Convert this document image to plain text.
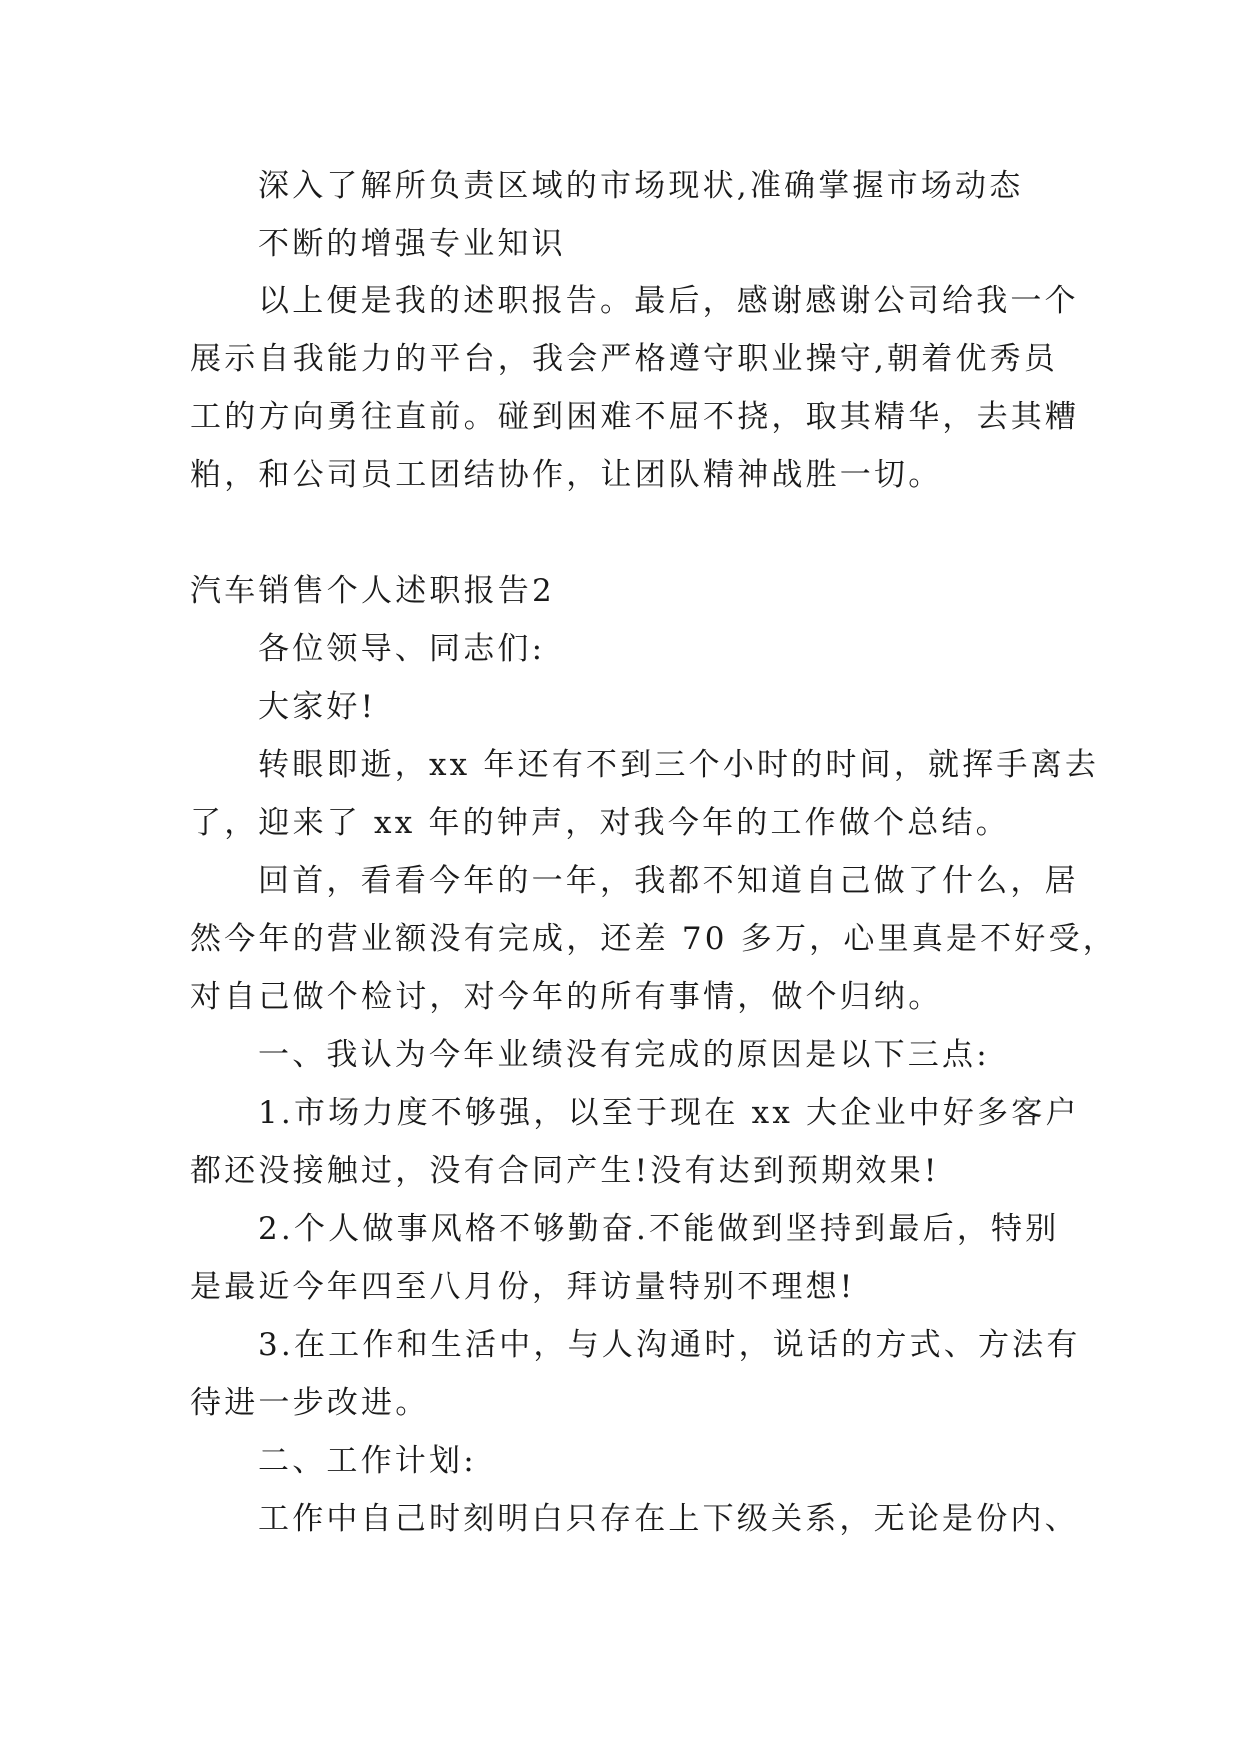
深入了解所负责区域的市场现状,准确掌握市场动态
不断的增强专业知识
以上便是我的述职报告。最后，感谢感谢公司给我一个
展示自我能力的平台，我会严格遵守职业操守,朝着优秀员
工的方向勇往直前。碰到困难不屈不挠，取其精华，去其糟
粕，和公司员工团结协作，让团队精神战胜一切。
汽车销售个人述职报告2
各位领导、同志们:
大家好!
转眼即逝，xx 年还有不到三个小时的时间，就挥手离去
了，迎来了 xx 年的钟声，对我今年的工作做个总结。
回首，看看今年的一年，我都不知道自己做了什么，居
然今年的营业额没有完成，还差 70 多万，心里真是不好受，
对自己做个检讨，对今年的所有事情，做个归纳。
一、我认为今年业绩没有完成的原因是以下三点:
1.市场力度不够强，以至于现在 xx 大企业中好多客户
都还没接触过，没有合同产生!没有达到预期效果!
2.个人做事风格不够勤奋.不能做到坚持到最后，特别
是最近今年四至八月份，拜访量特别不理想!
3.在工作和生活中，与人沟通时，说话的方式、方法有
待进一步改进。
二、工作计划:
工作中自己时刻明白只存在上下级关系，无论是份内、
